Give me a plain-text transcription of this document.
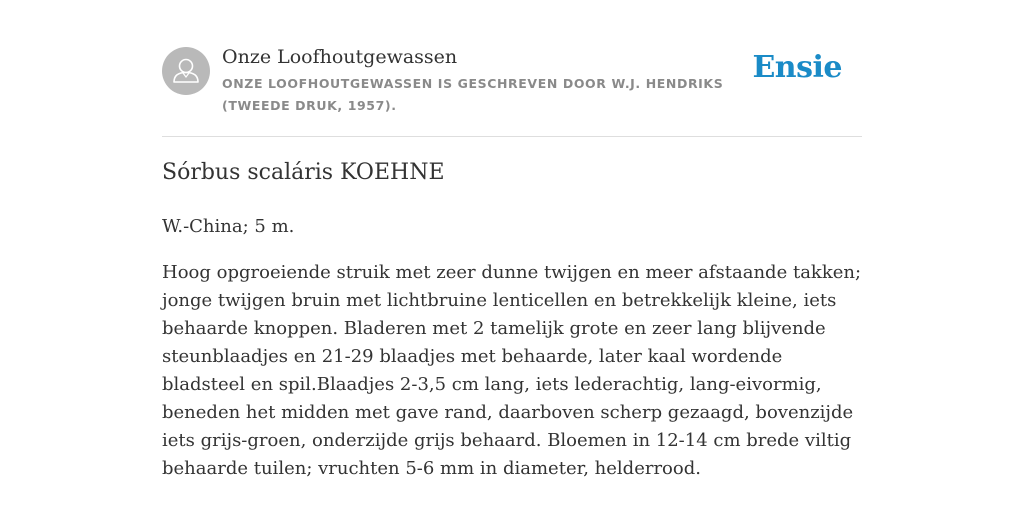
Onze Loofhoutgewassen
ONZE LOOFHOUTGEWASSEN IS GESCHREVEN DOOR W.J. HENDRIKS (TWEEDE DRUK, 1957).
Ensie
Sórbus scaláris KOEHNE

W.-China; 5 m.

Hoog opgroeiende struik met zeer dunne twijgen en meer afstaande takken; jonge twijgen bruin met lichtbruine lenticellen en betrekkelijk kleine, iets behaarde knoppen. Bladeren met 2 tamelijk grote en zeer lang blijvende steunblaadjes en 21-29 blaadjes met behaarde, later kaal wordende bladsteel en spil.Blaadjes 2-3,5 cm lang, iets lederachtig, lang-eivormig, beneden het midden met gave rand, daarboven scherp gezaagd, bovenzijde iets grijs-groen, onderzijde grijs behaard. Bloemen in 12-14 cm brede viltig behaarde tuilen; vruchten 5-6 mm in diameter, helderrood.
